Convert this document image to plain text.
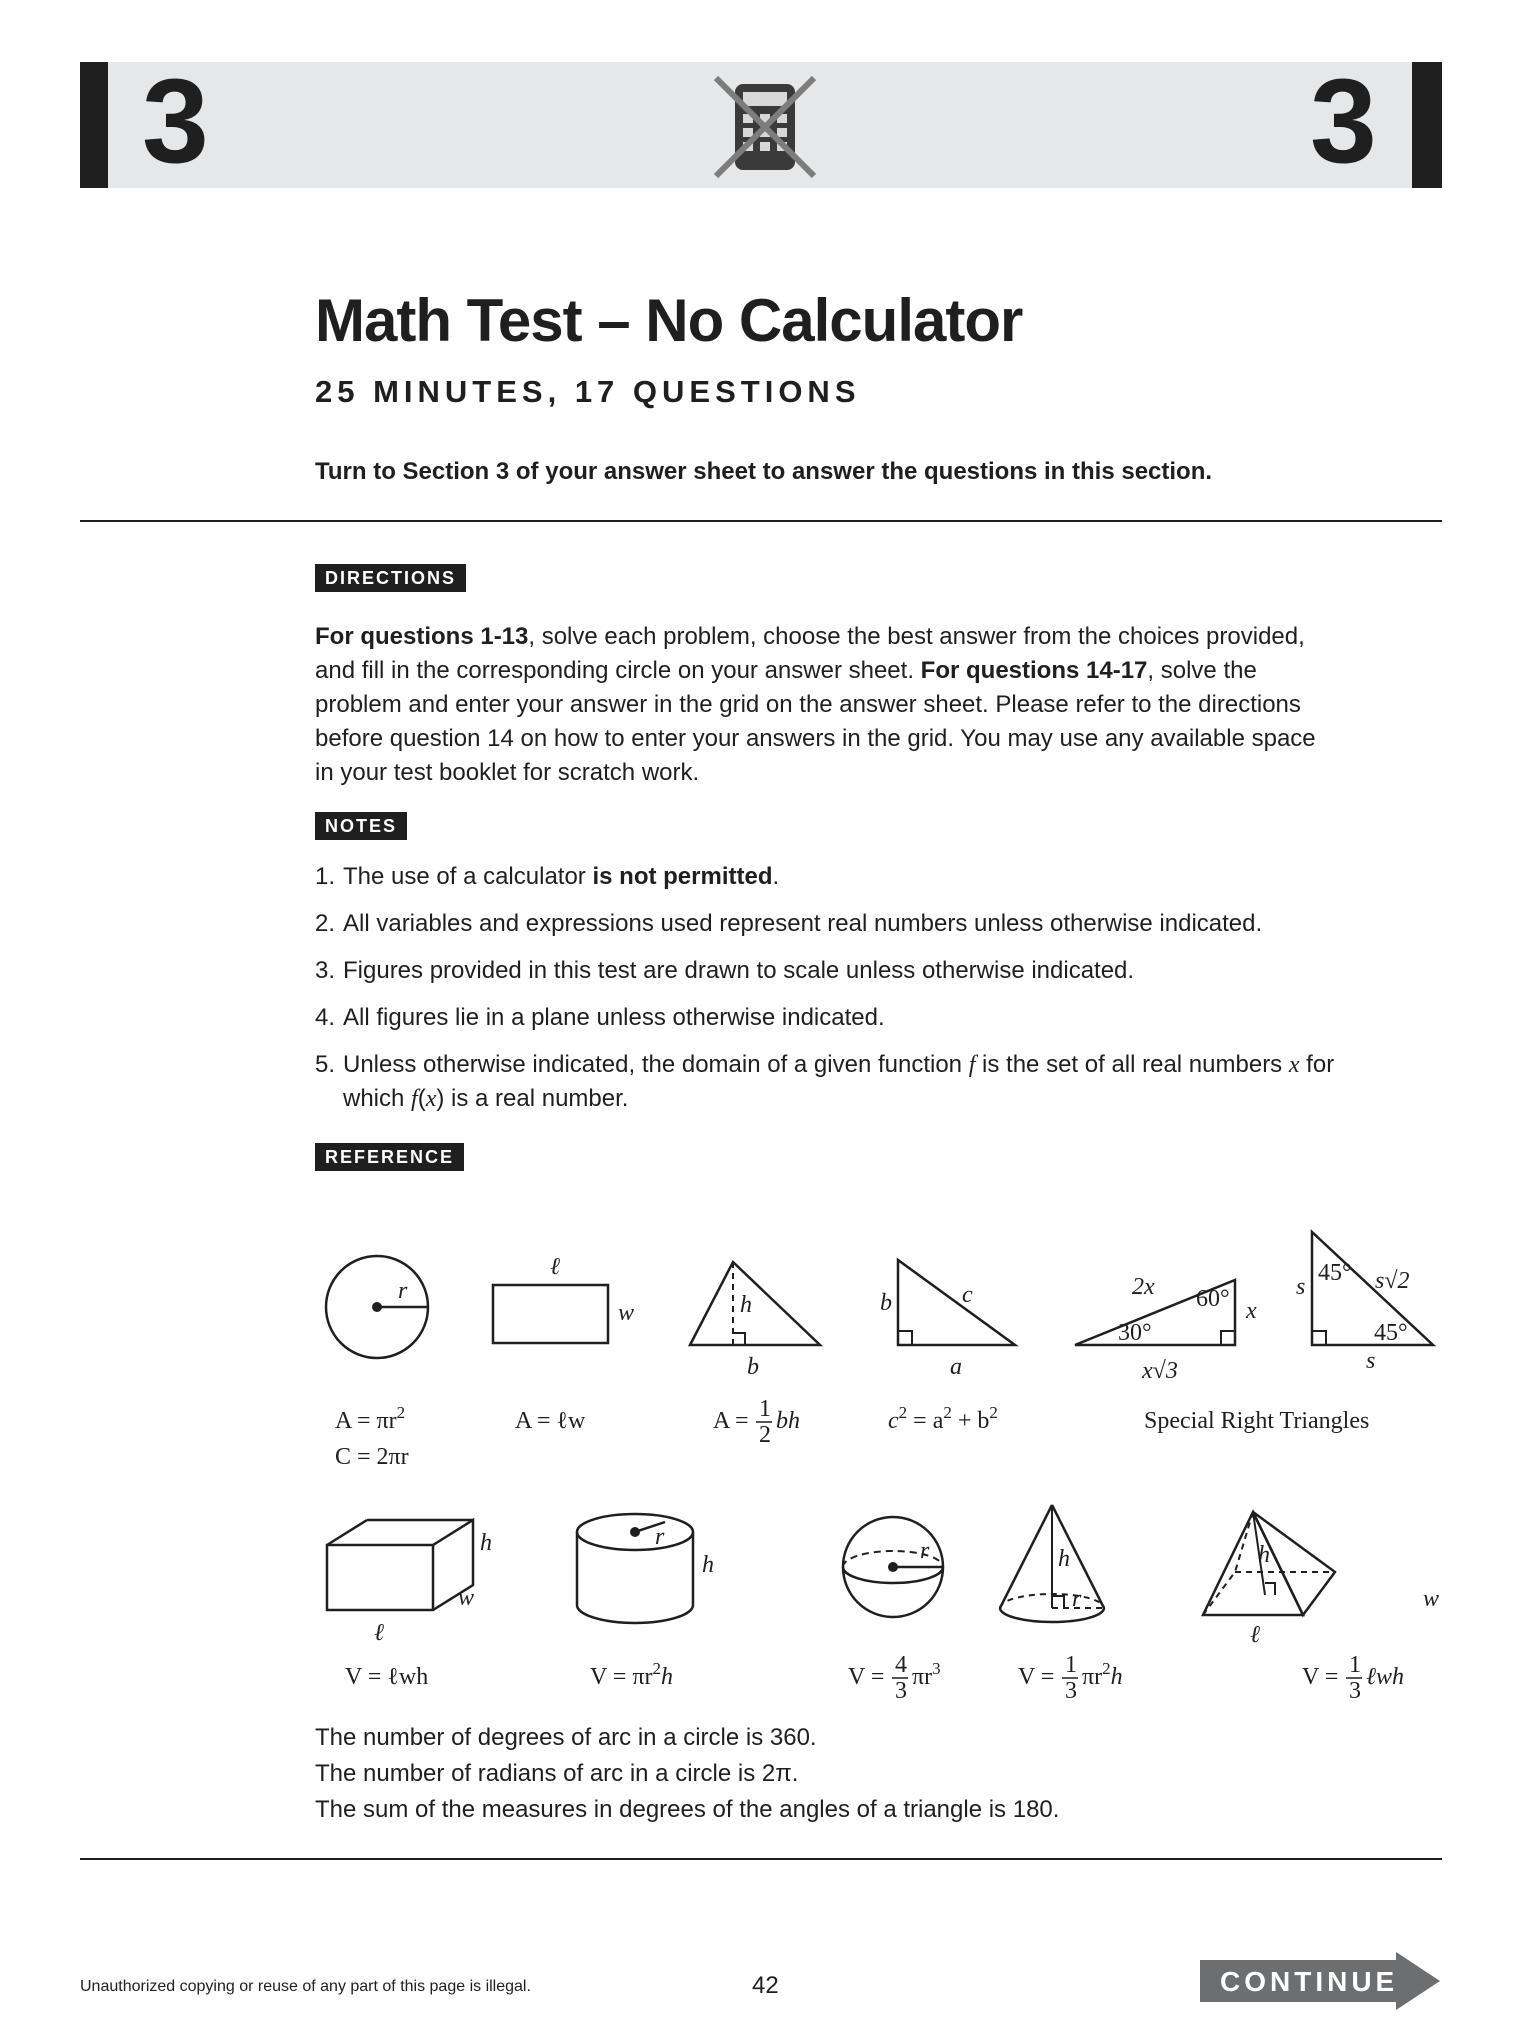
3	3
Math Test – No Calculator
25 MINUTES, 17 QUESTIONS
Turn to Section 3 of your answer sheet to answer the questions in this section.
DIRECTIONS
For questions 1-13, solve each problem, choose the best answer from the choices provided, and fill in the corresponding circle on your answer sheet. For questions 14-17, solve the problem and enter your answer in the grid on the answer sheet. Please refer to the directions before question 14 on how to enter your answers in the grid. You may use any available space in your test booklet for scratch work.
NOTES
1. The use of a calculator is not permitted.
2. All variables and expressions used represent real numbers unless otherwise indicated.
3. Figures provided in this test are drawn to scale unless otherwise indicated.
4. All figures lie in a plane unless otherwise indicated.
5. Unless otherwise indicated, the domain of a given function f is the set of all real numbers x for which f(x) is a real number.
REFERENCE
r
$A = \pi r^2$
C = 2πr
ℓ
w
A = ℓw
h
b
A = 1
2
bh
b	c
a
$c^2 = a^2 + b^2$
2x 60°
30°
x
x√3
s
45° s√2
45°
s
Special Right Triangles
h
w
ℓ
V = ℓwh
r
h
$V = \pi r^2h$
r
V = 4
3
$\pi r^3$
h
r
V = 1
3
$\pi r^2h$
h
w
ℓ
V = 1
3
ℓwh
The number of degrees of arc in a circle is 360.
The number of radians of arc in a circle is 2π.
The sum of the measures in degrees of the angles of a triangle is 180.
Unauthorized copying or reuse of any part of this page is illegal.	42	CONTINUE
